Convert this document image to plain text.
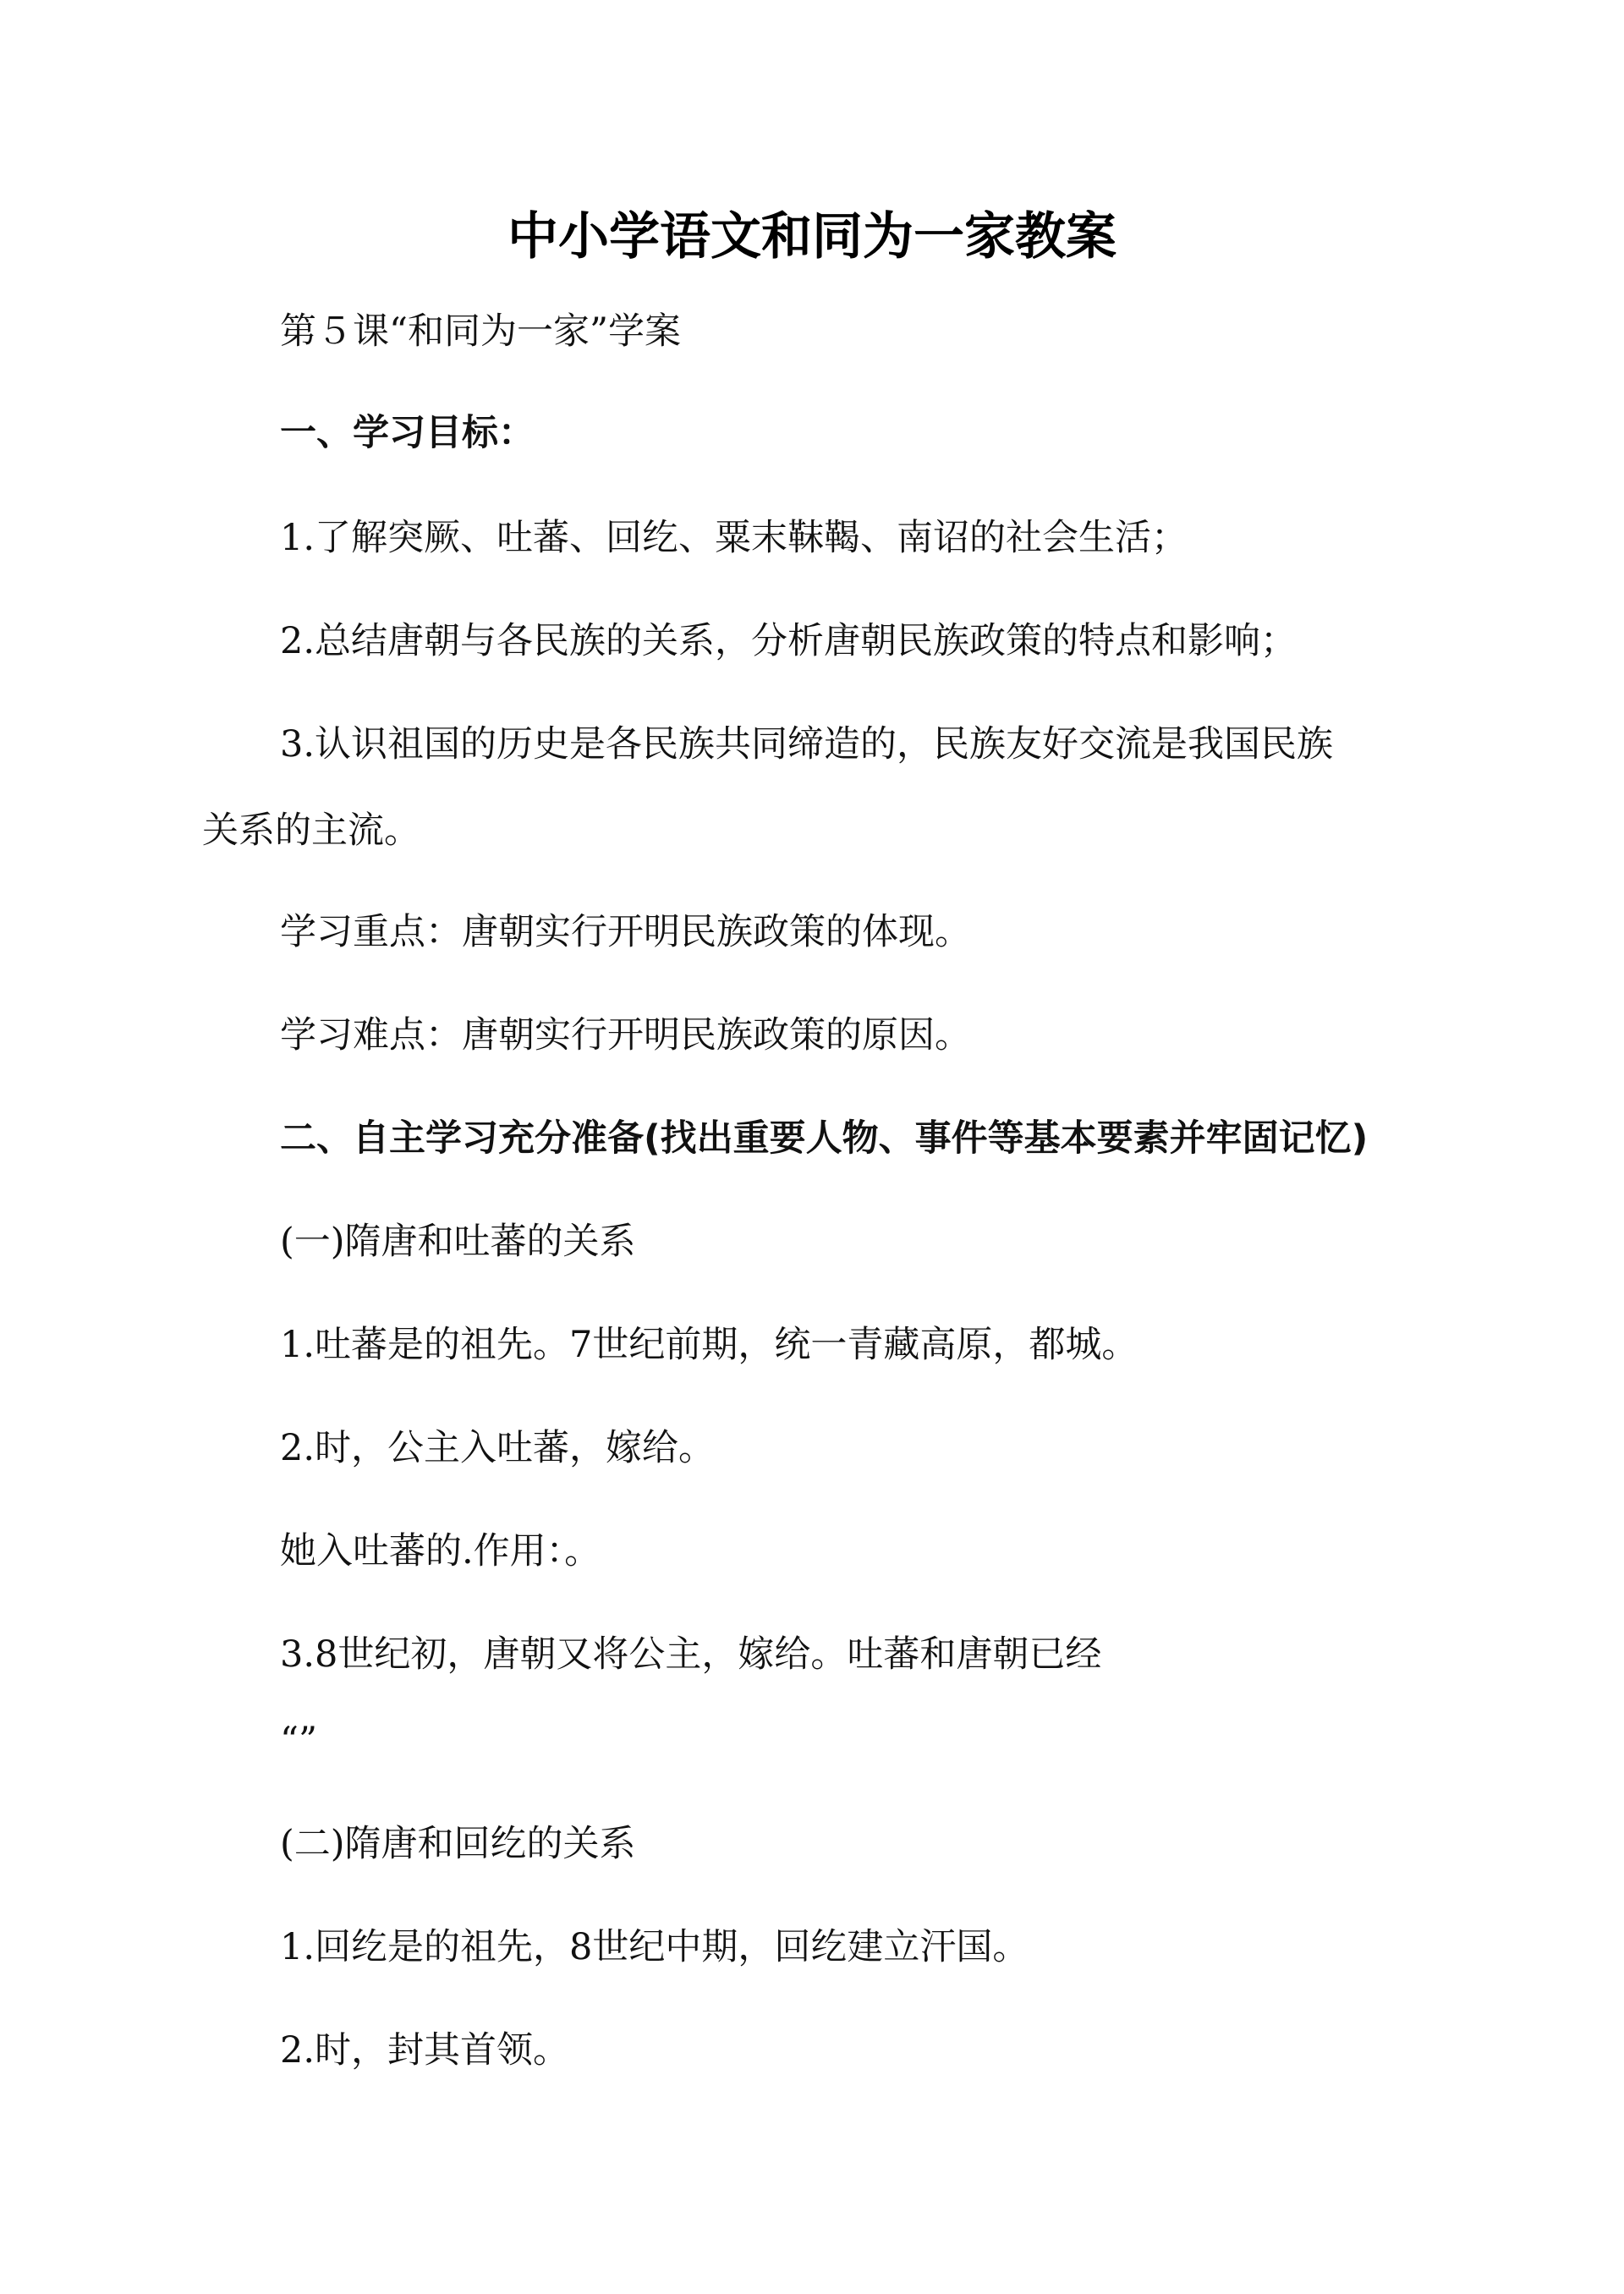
中小学语文和同为一家教案

第５课“和同为一家”学案

一、学习目标：

1.了解突厥、吐蕃、回纥、粟末靺鞨、南诏的社会生活；

2.总结唐朝与各民族的关系，分析唐朝民族政策的特点和影响；

3.认识祖国的历史是各民族共同缔造的，民族友好交流是我国民族

关系的主流。

学习重点：唐朝实行开明民族政策的体现。

学习难点：唐朝实行开明民族政策的原因。

二、自主学习充分准备(找出重要人物、事件等基本要素并牢固记忆)

(一)隋唐和吐蕃的关系

1.吐蕃是的祖先。7世纪前期，统一青藏高原，都城。

2.时，公主入吐蕃，嫁给。

她入吐蕃的.作用：。

3.8世纪初，唐朝又将公主，嫁给。吐蕃和唐朝已经

“”

(二)隋唐和回纥的关系

1.回纥是的祖先，8世纪中期，回纥建立汗国。

2.时，封其首领。
